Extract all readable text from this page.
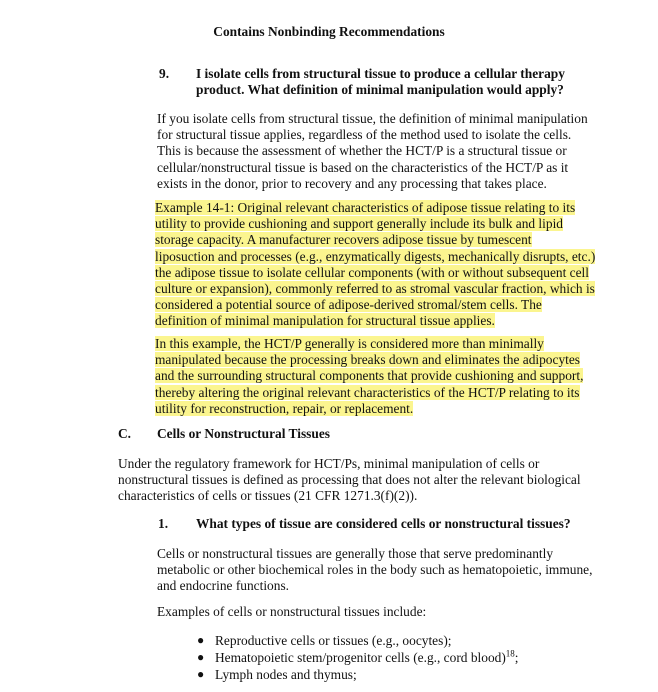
Contains Nonbinding Recommendations
9. I isolate cells from structural tissue to produce a cellular therapy
product. What definition of minimal manipulation would apply?
If you isolate cells from structural tissue, the definition of minimal manipulation
for structural tissue applies, regardless of the method used to isolate the cells.
This is because the assessment of whether the HCT/P is a structural tissue or
cellular/nonstructural tissue is based on the characteristics of the HCT/P as it
exists in the donor, prior to recovery and any processing that takes place.
Example 14-1: Original relevant characteristics of adipose tissue relating to its
utility to provide cushioning and support generally include its bulk and lipid
storage capacity. A manufacturer recovers adipose tissue by tumescent
liposuction and processes (e.g., enzymatically digests, mechanically disrupts, etc.)
the adipose tissue to isolate cellular components (with or without subsequent cell
culture or expansion), commonly referred to as stromal vascular fraction, which is
considered a potential source of adipose-derived stromal/stem cells. The
definition of minimal manipulation for structural tissue applies.
In this example, the HCT/P generally is considered more than minimally
manipulated because the processing breaks down and eliminates the adipocytes
and the surrounding structural components that provide cushioning and support,
thereby altering the original relevant characteristics of the HCT/P relating to its
utility for reconstruction, repair, or replacement.
C. Cells or Nonstructural Tissues
Under the regulatory framework for HCT/Ps, minimal manipulation of cells or
nonstructural tissues is defined as processing that does not alter the relevant biological
characteristics of cells or tissues (21 CFR 1271.3(f)(2)).
1. What types of tissue are considered cells or nonstructural tissues?
Cells or nonstructural tissues are generally those that serve predominantly
metabolic or other biochemical roles in the body such as hematopoietic, immune,
and endocrine functions.
Examples of cells or nonstructural tissues include:
● Reproductive cells or tissues (e.g., oocytes);
● Hematopoietic stem/progenitor cells (e.g., cord blood)$^{18}$;
● Lymph nodes and thymus;
